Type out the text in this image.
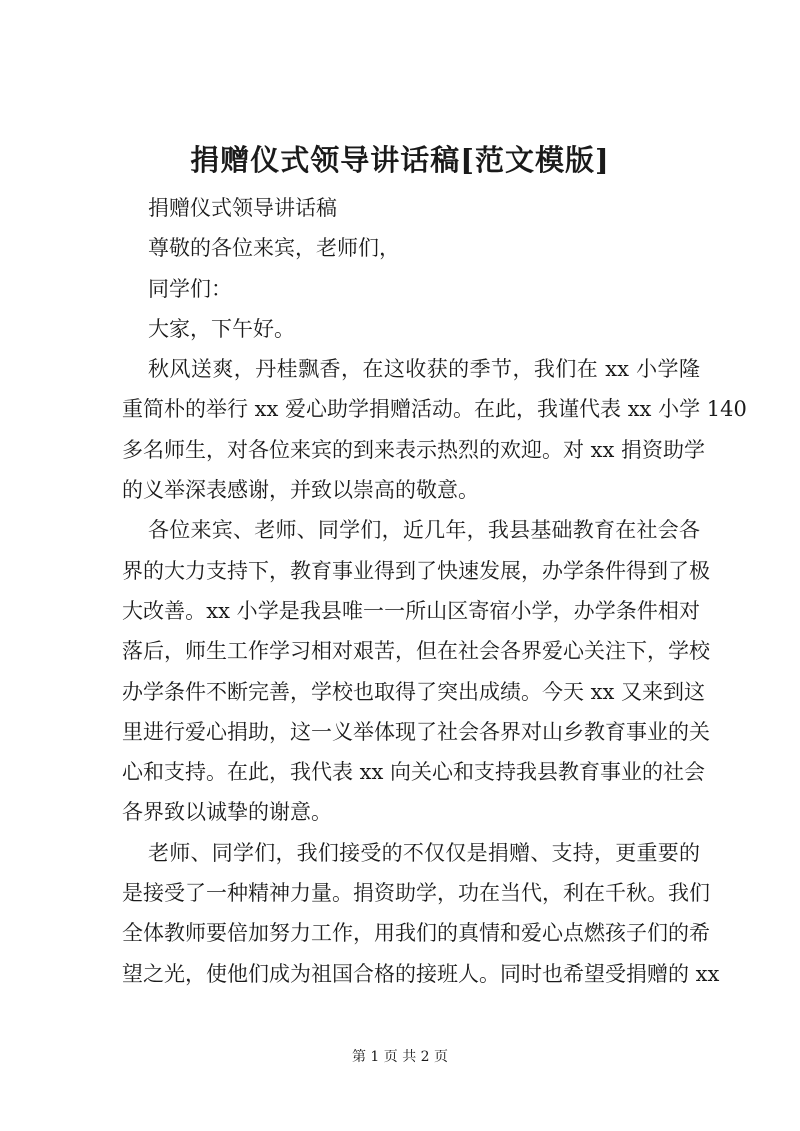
捐赠仪式领导讲话稿[范文模版]
捐赠仪式领导讲话稿
尊敬的各位来宾，老师们，
同学们：
大家，下午好。
秋风送爽，丹桂飘香，在这收获的季节，我们在 xx 小学隆
重简朴的举行 xx 爱心助学捐赠活动。在此，我谨代表 xx 小学 140
多名师生，对各位来宾的到来表示热烈的欢迎。对 xx 捐资助学
的义举深表感谢，并致以崇高的敬意。
各位来宾、老师、同学们，近几年，我县基础教育在社会各
界的大力支持下，教育事业得到了快速发展，办学条件得到了极
大改善。xx 小学是我县唯一一所山区寄宿小学，办学条件相对
落后，师生工作学习相对艰苦，但在社会各界爱心关注下，学校
办学条件不断完善，学校也取得了突出成绩。今天 xx 又来到这
里进行爱心捐助，这一义举体现了社会各界对山乡教育事业的关
心和支持。在此，我代表 xx 向关心和支持我县教育事业的社会
各界致以诚挚的谢意。
老师、同学们，我们接受的不仅仅是捐赠、支持，更重要的
是接受了一种精神力量。捐资助学，功在当代，利在千秋。我们
全体教师要倍加努力工作，用我们的真情和爱心点燃孩子们的希
望之光，使他们成为祖国合格的接班人。同时也希望受捐赠的 xx
第 1 页 共 2 页
